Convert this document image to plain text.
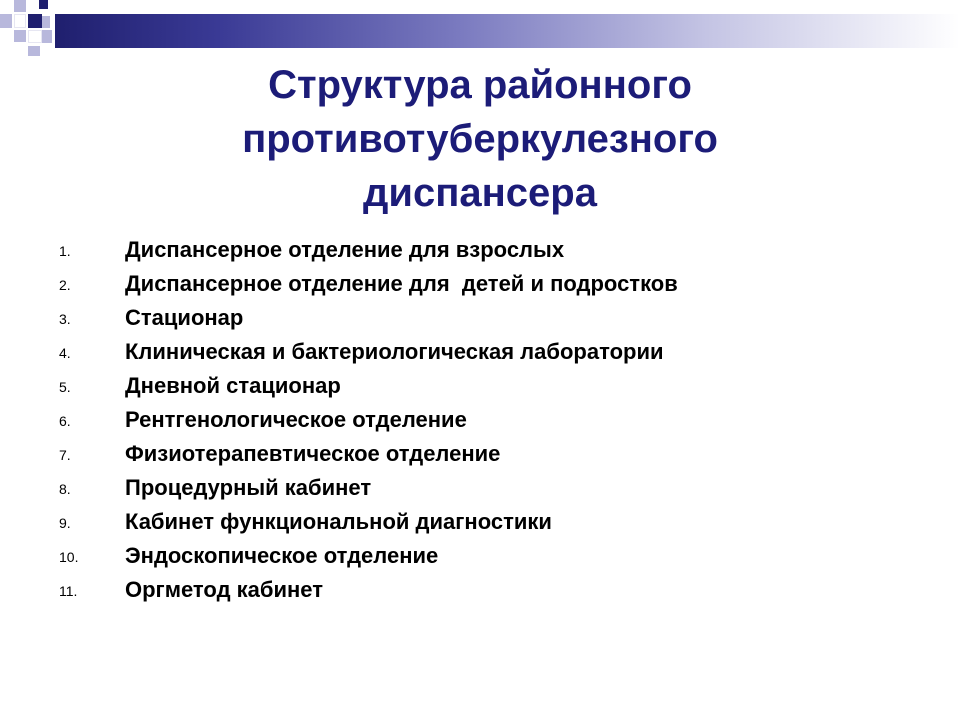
Структура районного
противотуберкулезного
диспансера
1. Диспансерное отделение для взрослых
2. Диспансерное отделение для  детей и подростков
3. Стационар
4. Клиническая и бактериологическая лаборатории
5. Дневной стационар
6. Рентгенологическое отделение
7. Физиотерапевтическое отделение
8. Процедурный кабинет
9. Кабинет функциональной диагностики
10. Эндоскопическое отделение
11. Оргметод кабинет
